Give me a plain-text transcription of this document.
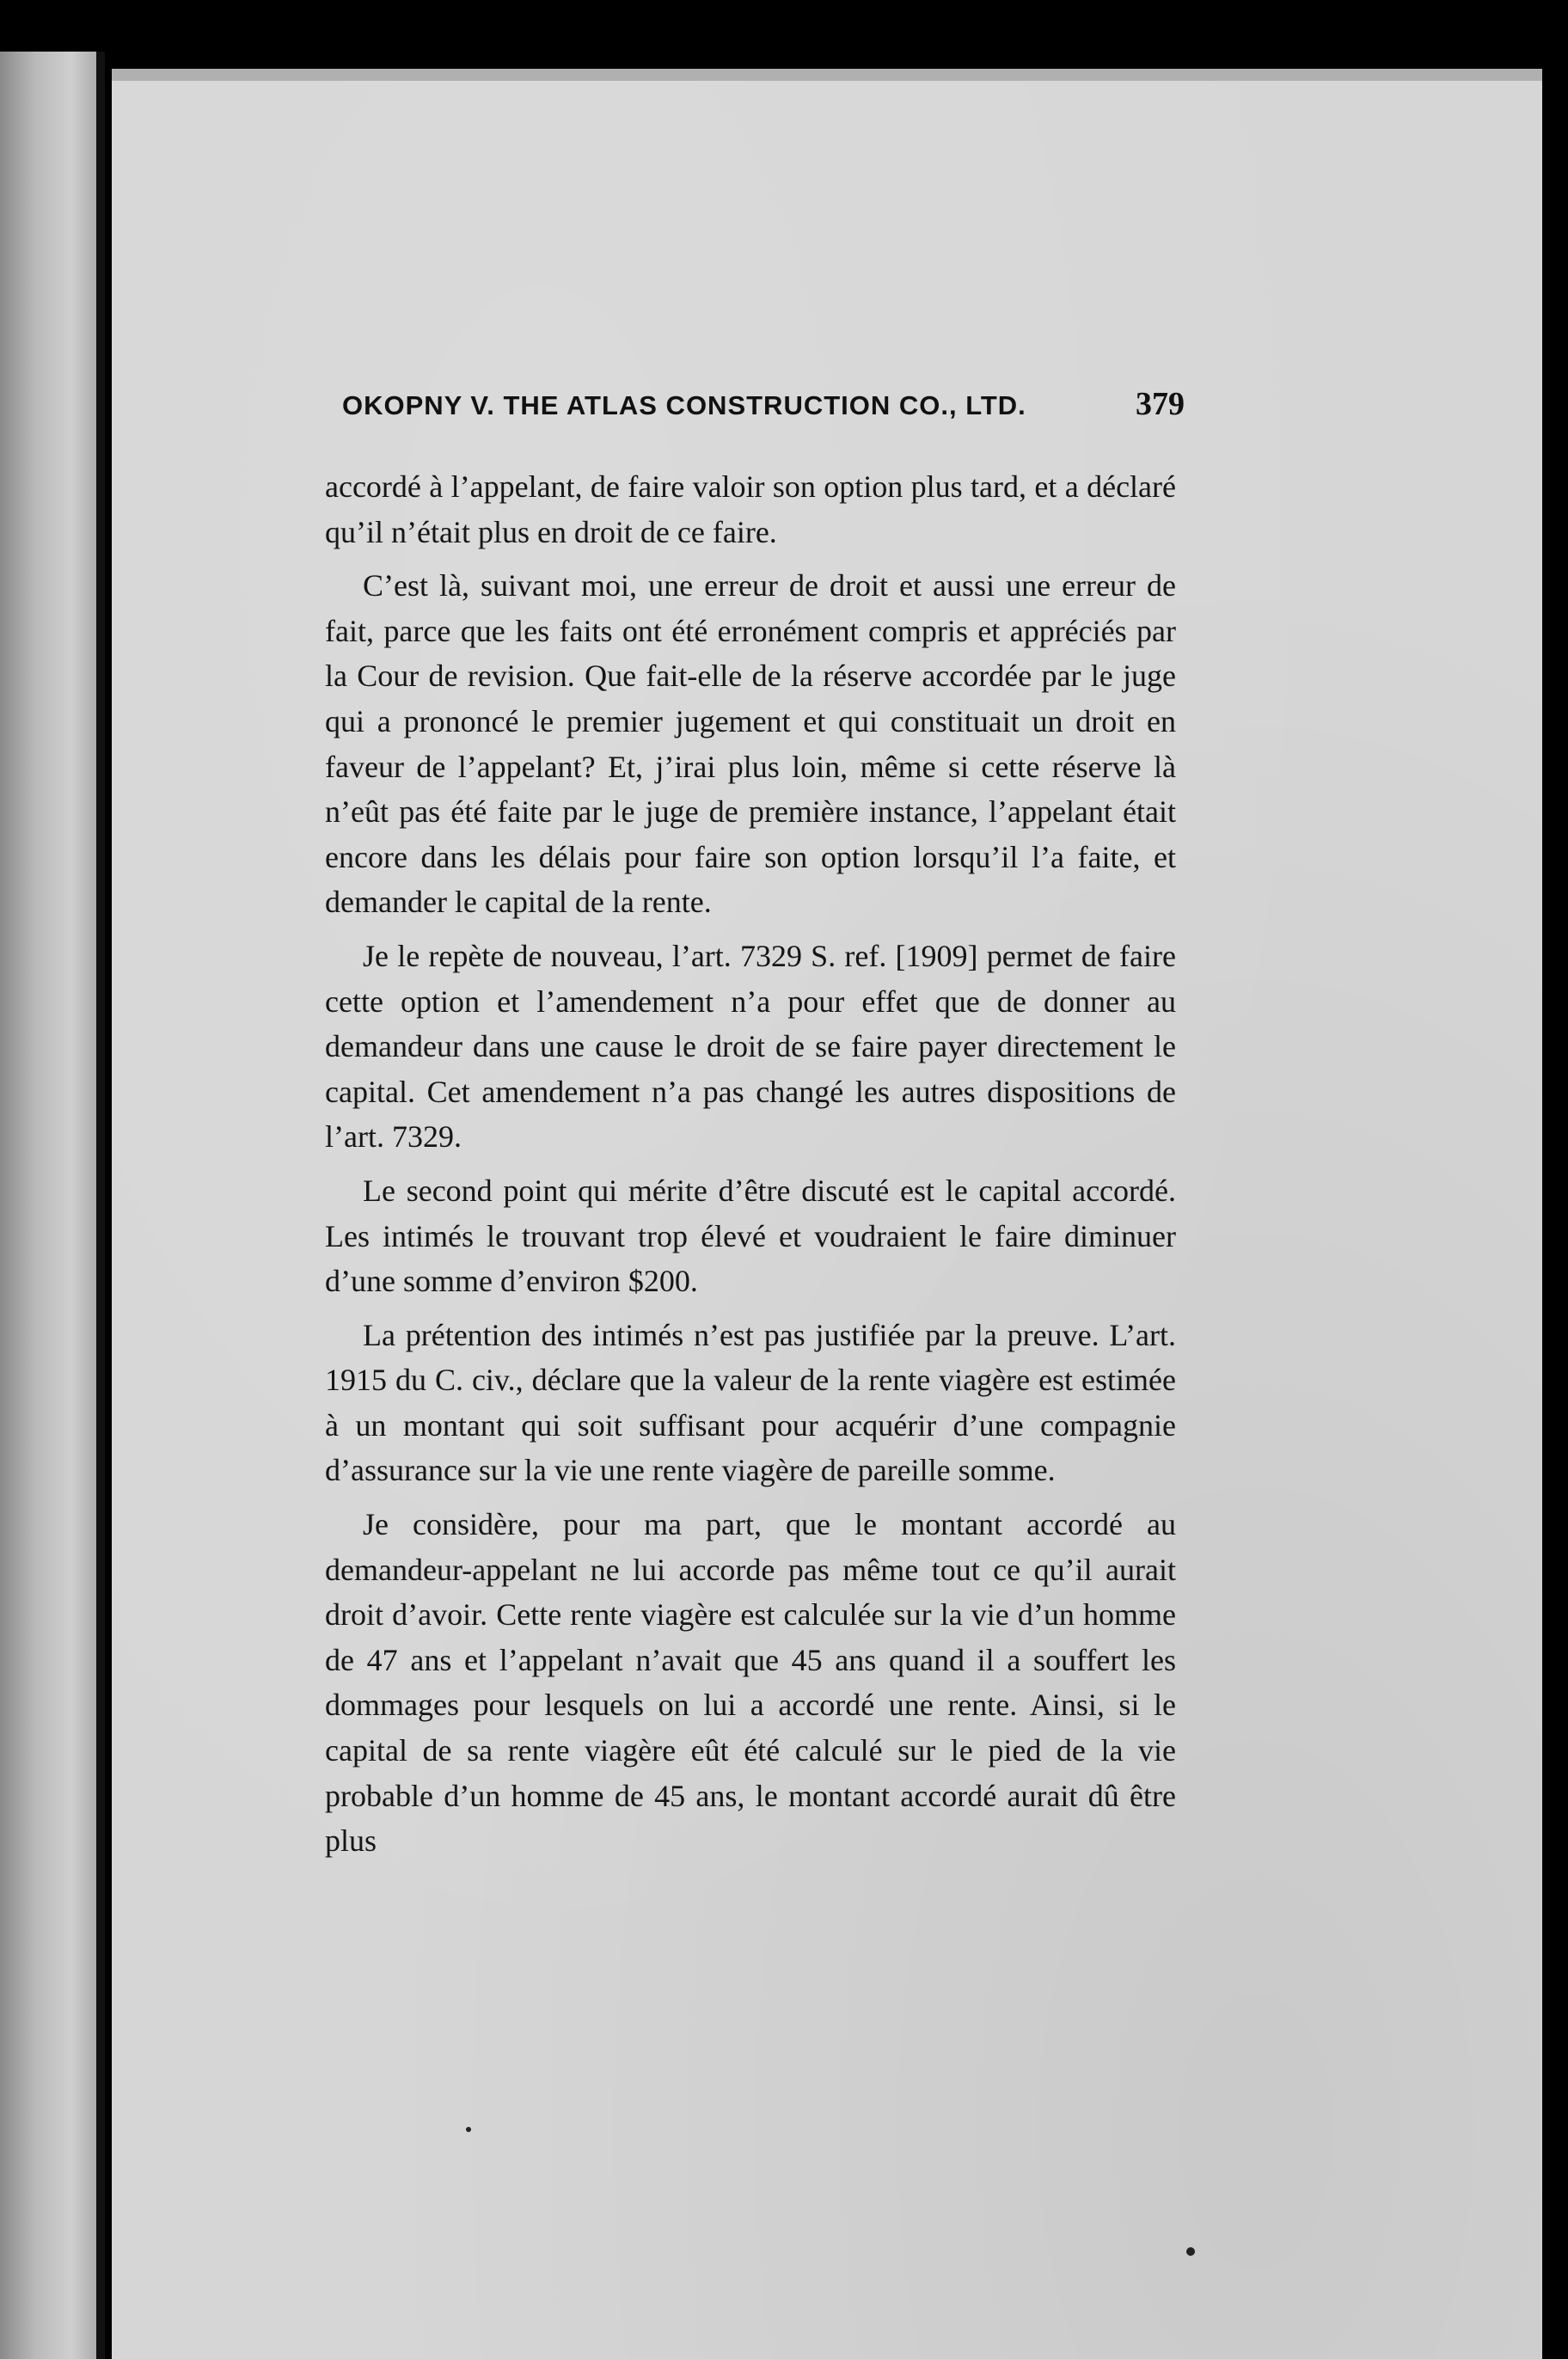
OKOPNY V. THE ATLAS CONSTRUCTION CO., LTD.	379

accordé à l’appelant, de faire valoir son option plus tard, et a déclaré qu’il n’était plus en droit de ce faire.

C’est là, suivant moi, une erreur de droit et aussi une erreur de fait, parce que les faits ont été erronément compris et appréciés par la Cour de revision. Que fait-elle de la réserve accordée par le juge qui a prononcé le premier jugement et qui constituait un droit en faveur de l’appelant? Et, j’irai plus loin, même si cette réserve là n’eût pas été faite par le juge de première instance, l’appelant était encore dans les délais pour faire son option lorsqu’il l’a faite, et demander le capital de la rente.

Je le repète de nouveau, l’art. 7329 S. ref. [1909] permet de faire cette option et l’amendement n’a pour effet que de donner au demandeur dans une cause le droit de se faire payer directement le capital. Cet amendement n’a pas changé les autres dispositions de l’art. 7329.

Le second point qui mérite d’être discuté est le capital accordé. Les intimés le trouvant trop élevé et voudraient le faire diminuer d’une somme d’environ $200.

La prétention des intimés n’est pas justifiée par la preuve. L’art. 1915 du C. civ., déclare que la valeur de la rente viagère est estimée à un montant qui soit suffisant pour acquérir d’une compagnie d’assurance sur la vie une rente viagère de pareille somme.

Je considère, pour ma part, que le montant accordé au demandeur-appelant ne lui accorde pas même tout ce qu’il aurait droit d’avoir. Cette rente viagère est calculée sur la vie d’un homme de 47 ans et l’appelant n’avait que 45 ans quand il a souffert les dommages pour lesquels on lui a accordé une rente. Ainsi, si le capital de sa rente viagère eût été calculé sur le pied de la vie probable d’un homme de 45 ans, le montant accordé aurait dû être plus
